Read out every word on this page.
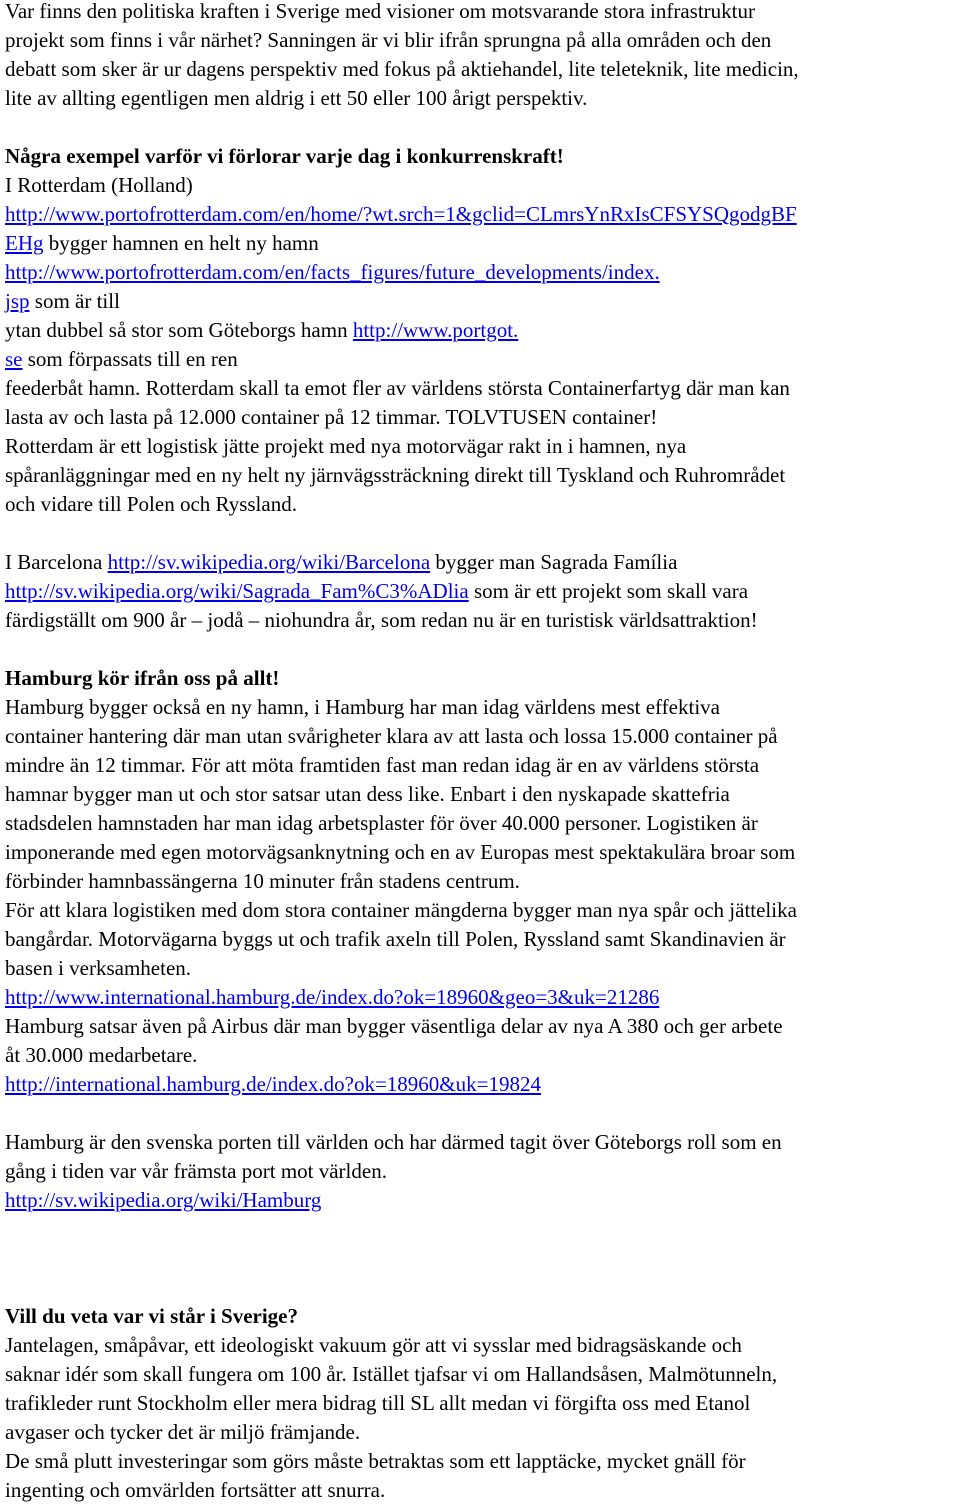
Var finns den politiska kraften i Sverige med visioner om motsvarande stora infrastruktur
projekt som finns i vår närhet? Sanningen är vi blir ifrån sprungna på alla områden och den
debatt som sker är ur dagens perspektiv med fokus på aktiehandel, lite teleteknik, lite medicin,
lite av allting egentligen men aldrig i ett 50 eller 100 årigt perspektiv.
Några exempel varför vi förlorar varje dag i konkurrenskraft!
I Rotterdam (Holland)
http://www.portofrotterdam.com/en/home/?wt.srch=1&gclid=CLmrsYnRxIsCFSYSQgodgBF
EHg bygger hamnen en helt ny hamn
http://www.portofrotterdam.com/en/facts_figures/future_developments/index.
jsp som är till
ytan dubbel så stor som Göteborgs hamn http://www.portgot.
se som förpassats till en ren
feederbåt hamn. Rotterdam skall ta emot fler av världens största Containerfartyg där man kan
lasta av och lasta på 12.000 container på 12 timmar. TOLVTUSEN container!
Rotterdam är ett logistisk jätte projekt med nya motorvägar rakt in i hamnen, nya
spåranläggningar med en ny helt ny järnvägssträckning direkt till Tyskland och Ruhrområdet
och vidare till Polen och Ryssland.
I Barcelona http://sv.wikipedia.org/wiki/Barcelona bygger man Sagrada Família
http://sv.wikipedia.org/wiki/Sagrada_Fam%C3%ADlia som är ett projekt som skall vara
färdigställt om 900 år – jodå – niohundra år, som redan nu är en turistisk världsattraktion!
Hamburg kör ifrån oss på allt!
Hamburg bygger också en ny hamn, i Hamburg har man idag världens mest effektiva
container hantering där man utan svårigheter klara av att lasta och lossa 15.000 container på
mindre än 12 timmar. För att möta framtiden fast man redan idag är en av världens största
hamnar bygger man ut och stor satsar utan dess like. Enbart i den nyskapade skattefria
stadsdelen hamnstaden har man idag arbetsplaster för över 40.000 personer. Logistiken är
imponerande med egen motorvägsanknytning och en av Europas mest spektakulära broar som
förbinder hamnbassängerna 10 minuter från stadens centrum.
För att klara logistiken med dom stora container mängderna bygger man nya spår och jättelika
bangårdar. Motorvägarna byggs ut och trafik axeln till Polen, Ryssland samt Skandinavien är
basen i verksamheten.
http://www.international.hamburg.de/index.do?ok=18960&geo=3&uk=21286
Hamburg satsar även på Airbus där man bygger väsentliga delar av nya A 380 och ger arbete
åt 30.000 medarbetare.
http://international.hamburg.de/index.do?ok=18960&uk=19824
Hamburg är den svenska porten till världen och har därmed tagit över Göteborgs roll som en
gång i tiden var vår främsta port mot världen.
http://sv.wikipedia.org/wiki/Hamburg
Vill du veta var vi står i Sverige?
Jantelagen, småpåvar, ett ideologiskt vakuum gör att vi sysslar med bidragsäskande och
saknar idér som skall fungera om 100 år. Istället tjafsar vi om Hallandsåsen, Malmötunneln,
trafikleder runt Stockholm eller mera bidrag till SL allt medan vi förgifta oss med Etanol
avgaser och tycker det är miljö främjande.
De små plutt investeringar som görs måste betraktas som ett lapptäcke, mycket gnäll för
ingenting och omvärlden fortsätter att snurra.
